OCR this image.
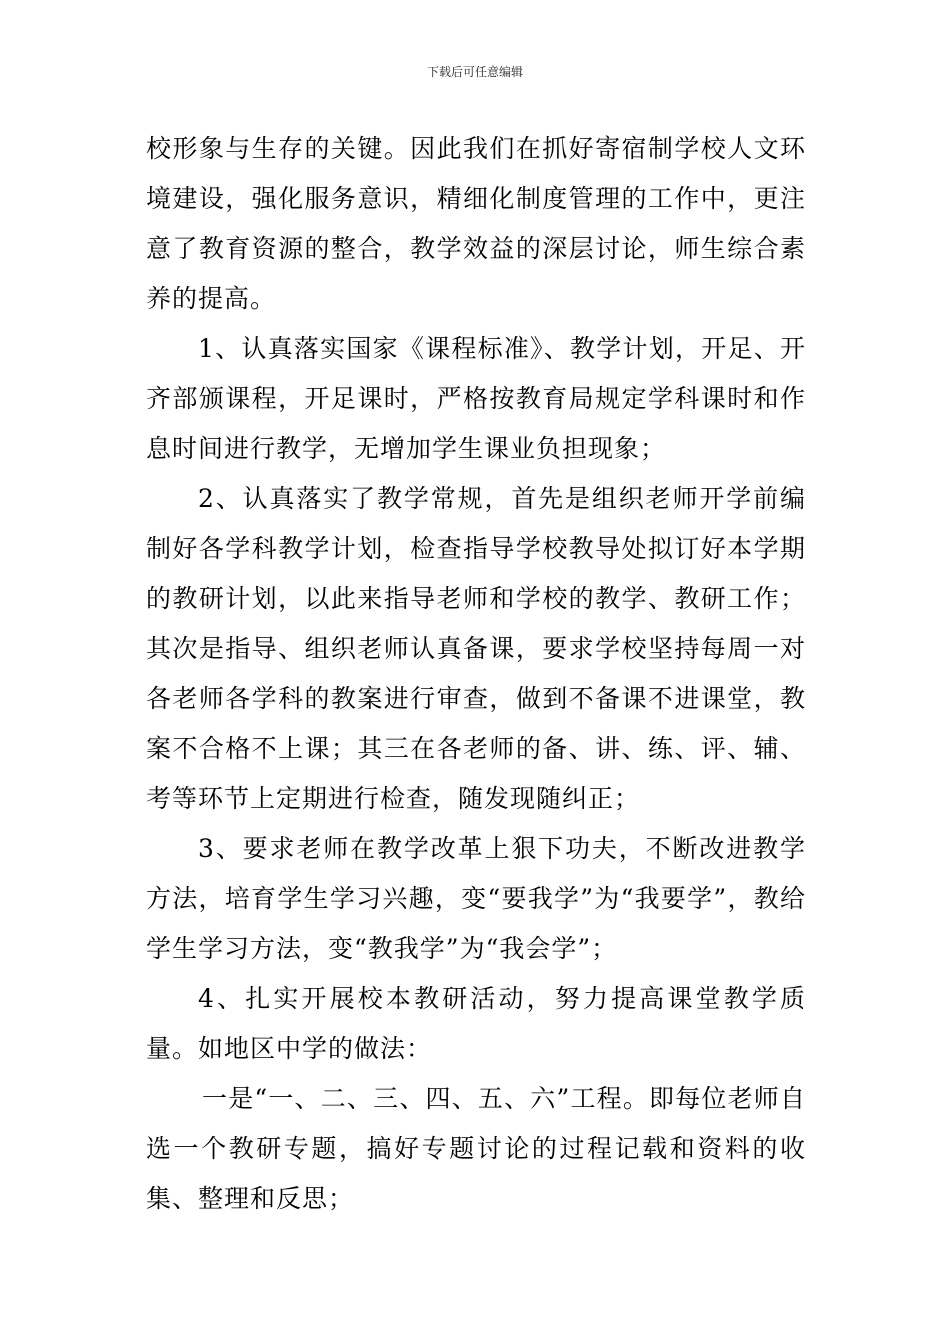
下载后可任意编辑

校形象与生存的关键。因此我们在抓好寄宿制学校人文环境建设，强化服务意识，精细化制度管理的工作中，更注意了教育资源的整合，教学效益的深层讨论，师生综合素养的提高。

1、认真落实国家《课程标准》、教学计划，开足、开齐部颁课程，开足课时，严格按教育局规定学科课时和作息时间进行教学，无增加学生课业负担现象；

2、认真落实了教学常规，首先是组织老师开学前编制好各学科教学计划，检查指导学校教导处拟订好本学期的教研计划，以此来指导老师和学校的教学、教研工作；其次是指导、组织老师认真备课，要求学校坚持每周一对各老师各学科的教案进行审查，做到不备课不进课堂，教案不合格不上课；其三在各老师的备、讲、练、评、辅、考等环节上定期进行检查，随发现随纠正；

3、要求老师在教学改革上狠下功夫，不断改进教学方法，培育学生学习兴趣，变“要我学”为“我要学”，教给学生学习方法，变“教我学”为“我会学”；

4、扎实开展校本教研活动，努力提高课堂教学质量。如地区中学的做法：

一是“一、二、三、四、五、六”工程。即每位老师自选一个教研专题，搞好专题讨论的过程记载和资料的收集、整理和反思；
